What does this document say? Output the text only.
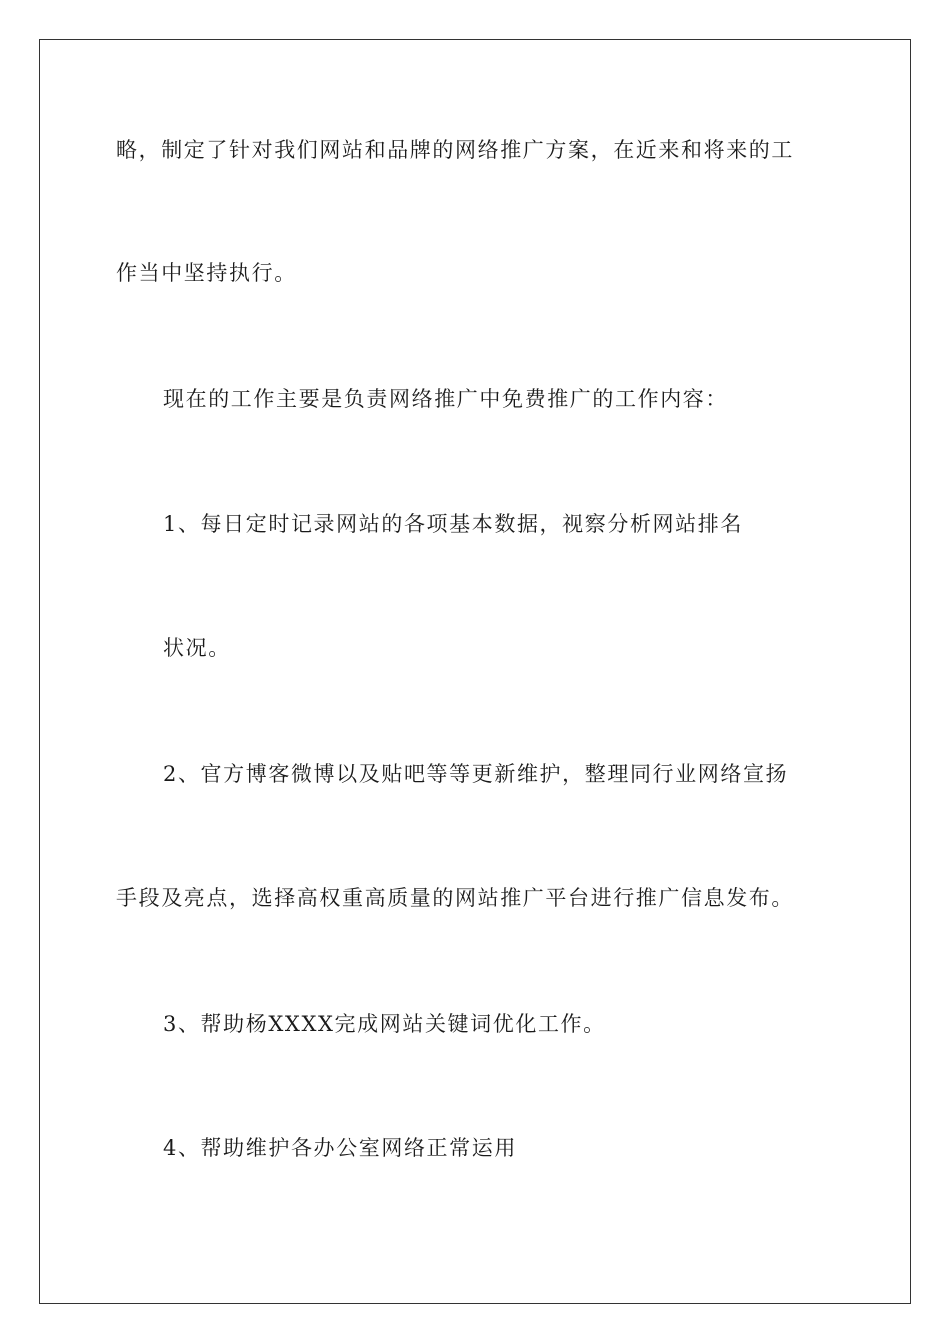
略，制定了针对我们网站和品牌的网络推广方案，在近来和将来的工
作当中坚持执行。
现在的工作主要是负责网络推广中免费推广的工作内容：
1、每日定时记录网站的各项基本数据，视察分析网站排名
状况。
2、官方博客微博以及贴吧等等更新维护，整理同行业网络宣扬
手段及亮点，选择高权重高质量的网站推广平台进行推广信息发布。
3、帮助杨XXXX完成网站关键词优化工作。
4、帮助维护各办公室网络正常运用
